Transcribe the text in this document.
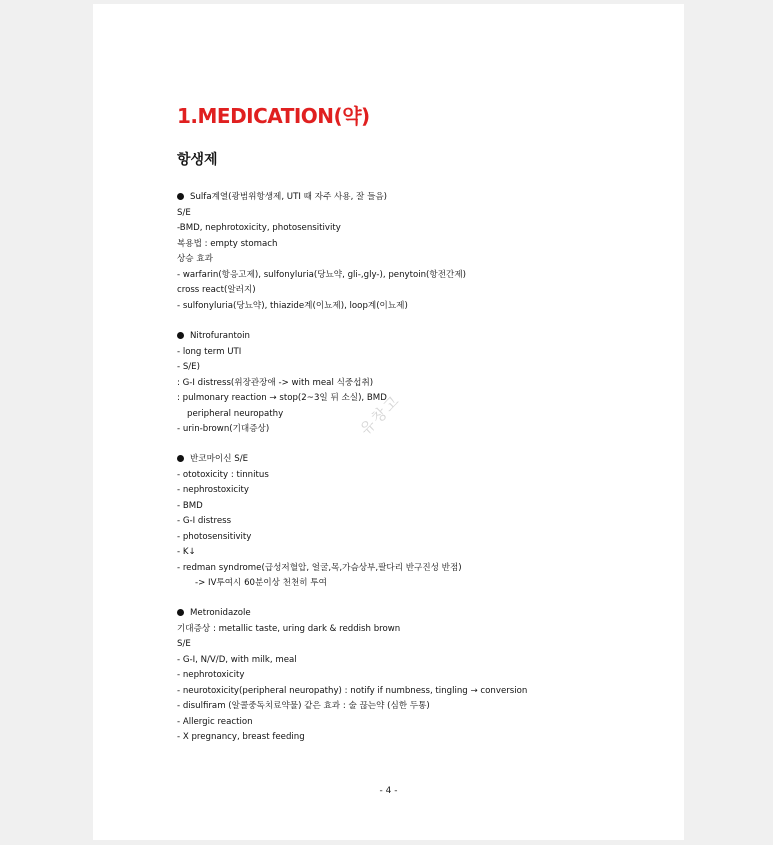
1.MEDICATION(약)
항생제
Sulfa계열(광범위항생제, UTI 때 자주 사용, 잘 들음)
S/E
-BMD, nephrotoxicity, photosensitivity
복용법 : empty stomach
상승 효과
- warfarin(항응고제), sulfonyluria(당뇨약, gli-,gly-), penytoin(항전간제)
cross react(알러지)
- sulfonyluria(당뇨약), thiazide계(이뇨제), loop계(이뇨제)
Nitrofurantoin
- long term UTI
- S/E)
: G-I distress(위장관장애 -> with meal 식중섭취)
: pulmonary reaction → stop(2~3일 뒤 소실), BMD
peripheral neuropathy
- urin-brown(기대증상)
반코마이신 S/E
- ototoxicity : tinnitus
- nephrostoxicity
- BMD
- G-I distress
- photosensitivity
- K↓
- redman syndrome(급성저혈압, 얼굴,목,가슴상부,팔다리 반구진성 반점)
-> IV투여시 60분이상 천천히 투여
Metronidazole
기대증상 : metallic taste, uring dark & reddish brown
S/E
- G-I, N/V/D, with milk, meal
- nephrotoxicity
- neurotoxicity(peripheral neuropathy) : notify if numbness, tingling → conversion
- disulfiram (알콜중독치료약물) 같은 효과 : 술 끊는약 (심한 두통)
- Allergic reaction
- X pregnancy, breast feeding
유창고
- 4 -
